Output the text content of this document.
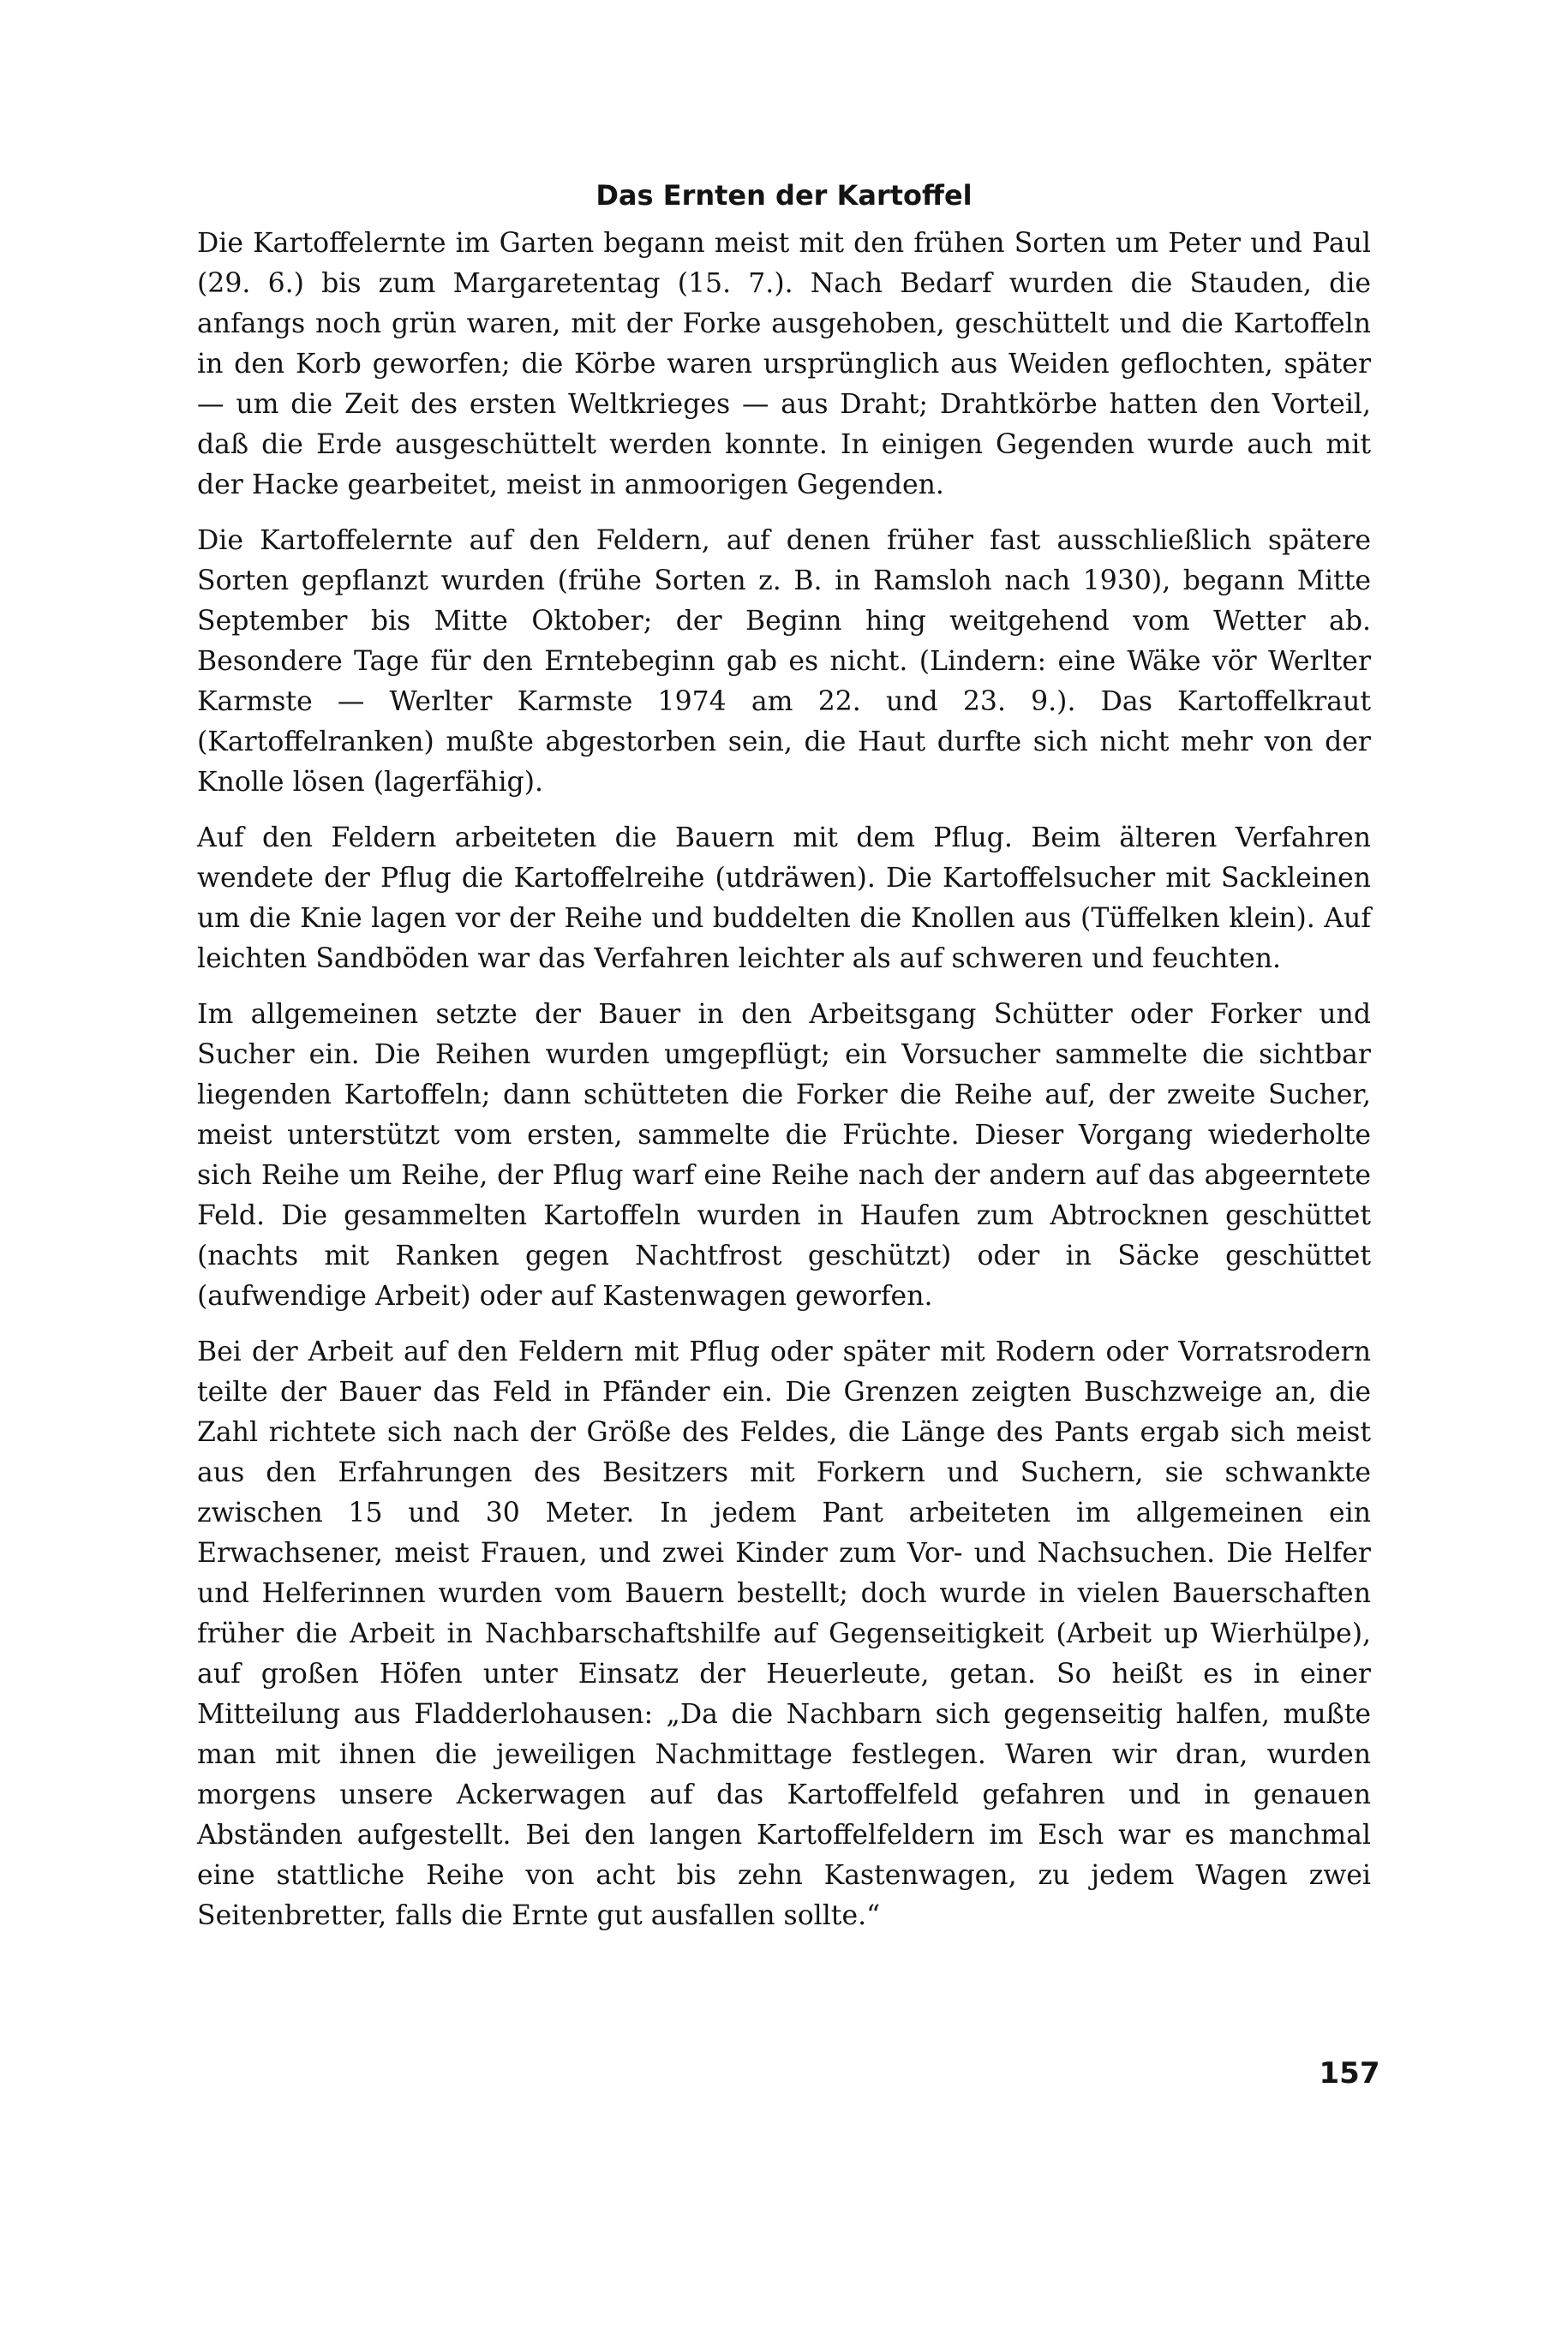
Das Ernten der Kartoffel

Die Kartoffelernte im Garten begann meist mit den frühen Sorten um Peter und Paul (29. 6.) bis zum Margaretentag (15. 7.). Nach Bedarf wurden die Stauden, die anfangs noch grün waren, mit der Forke ausgehoben, geschüttelt und die Kartoffeln in den Korb geworfen; die Körbe waren ursprünglich aus Weiden geflochten, später — um die Zeit des ersten Weltkrieges — aus Draht; Drahtkörbe hatten den Vorteil, daß die Erde ausgeschüttelt werden konnte. In einigen Gegenden wurde auch mit der Hacke gearbeitet, meist in anmoorigen Gegenden.

Die Kartoffelernte auf den Feldern, auf denen früher fast ausschließlich spätere Sorten gepflanzt wurden (frühe Sorten z. B. in Ramsloh nach 1930), begann Mitte September bis Mitte Oktober; der Beginn hing weitgehend vom Wetter ab. Besondere Tage für den Erntebeginn gab es nicht. (Lindern: eine Wäke vör Werlter Karmste — Werlter Karmste 1974 am 22. und 23. 9.). Das Kartoffelkraut (Kartoffelranken) mußte abgestorben sein, die Haut durfte sich nicht mehr von der Knolle lösen (lagerfähig).

Auf den Feldern arbeiteten die Bauern mit dem Pflug. Beim älteren Verfahren wendete der Pflug die Kartoffelreihe (utdräwen). Die Kartoffelsucher mit Sackleinen um die Knie lagen vor der Reihe und buddelten die Knollen aus (Tüffelken klein). Auf leichten Sandböden war das Verfahren leichter als auf schweren und feuchten.

Im allgemeinen setzte der Bauer in den Arbeitsgang Schütter oder Forker und Sucher ein. Die Reihen wurden umgepflügt; ein Vorsucher sammelte die sichtbar liegenden Kartoffeln; dann schütteten die Forker die Reihe auf, der zweite Sucher, meist unterstützt vom ersten, sammelte die Früchte. Dieser Vorgang wiederholte sich Reihe um Reihe, der Pflug warf eine Reihe nach der andern auf das abgeerntete Feld. Die gesammelten Kartoffeln wurden in Haufen zum Abtrocknen geschüttet (nachts mit Ranken gegen Nachtfrost geschützt) oder in Säcke geschüttet (aufwendige Arbeit) oder auf Kastenwagen geworfen.

Bei der Arbeit auf den Feldern mit Pflug oder später mit Rodern oder Vorratsrodern teilte der Bauer das Feld in Pfänder ein. Die Grenzen zeigten Buschzweige an, die Zahl richtete sich nach der Größe des Feldes, die Länge des Pants ergab sich meist aus den Erfahrungen des Besitzers mit Forkern und Suchern, sie schwankte zwischen 15 und 30 Meter. In jedem Pant arbeiteten im allgemeinen ein Erwachsener, meist Frauen, und zwei Kinder zum Vor- und Nachsuchen. Die Helfer und Helferinnen wurden vom Bauern bestellt; doch wurde in vielen Bauerschaften früher die Arbeit in Nachbarschaftshilfe auf Gegenseitigkeit (Arbeit up Wierhülpe), auf großen Höfen unter Einsatz der Heuerleute, getan. So heißt es in einer Mitteilung aus Fladderlohausen: „Da die Nachbarn sich gegenseitig halfen, mußte man mit ihnen die jeweiligen Nachmittage festlegen. Waren wir dran, wurden morgens unsere Ackerwagen auf das Kartoffelfeld gefahren und in genauen Abständen aufgestellt. Bei den langen Kartoffelfeldern im Esch war es manchmal eine stattliche Reihe von acht bis zehn Kastenwagen, zu jedem Wagen zwei Seitenbretter, falls die Ernte gut ausfallen sollte.“

157
